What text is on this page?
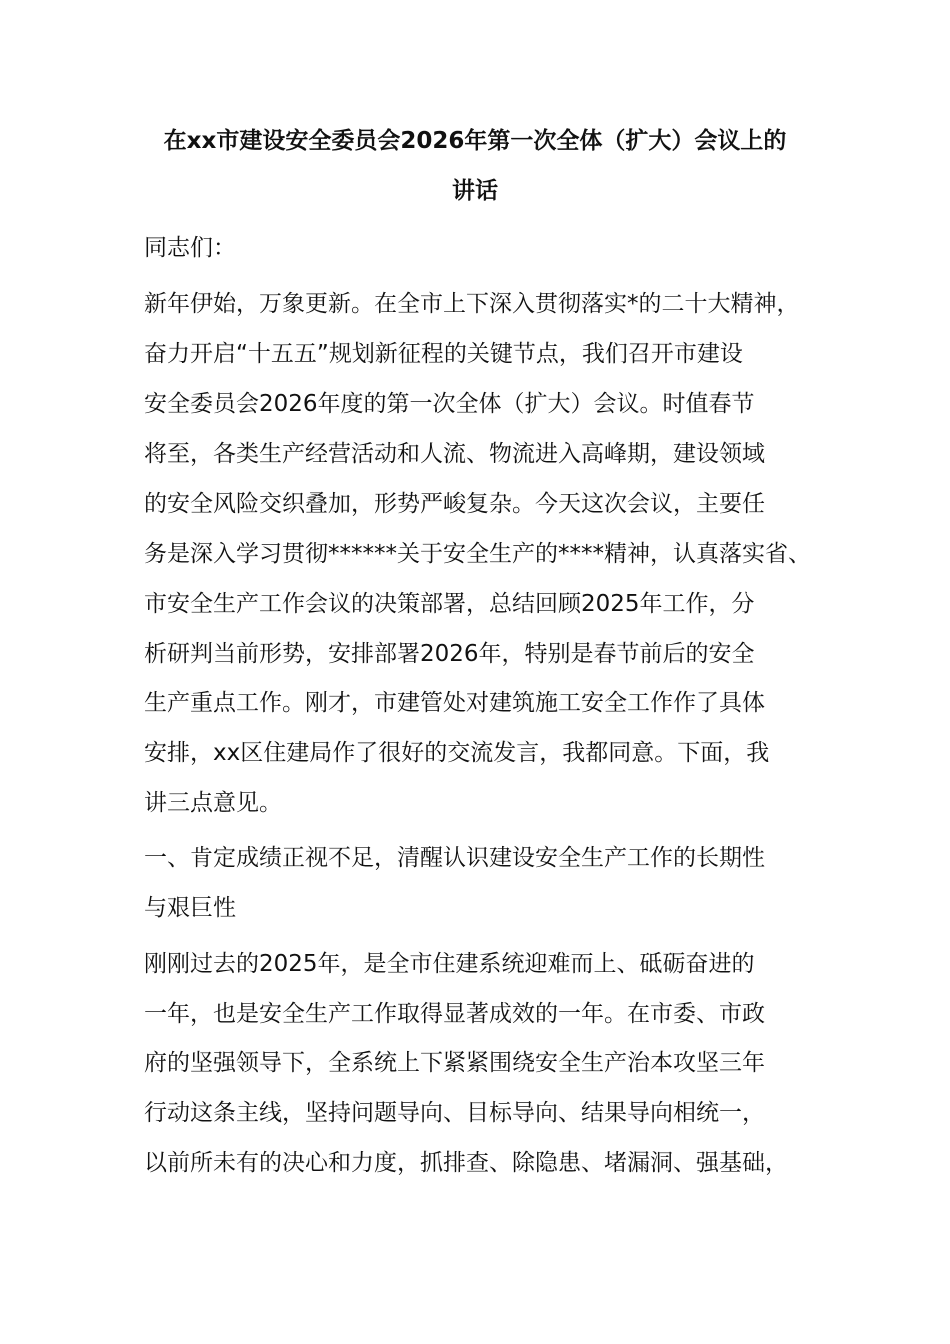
在xx市建设安全委员会2026年第一次全体（扩大）会议上的
讲话

同志们：

新年伊始，万象更新。在全市上下深入贯彻落实*的二十大精神，

奋力开启“十五五”规划新征程的关键节点，我们召开市建设

安全委员会2026年度的第一次全体（扩大）会议。时值春节

将至，各类生产经营活动和人流、物流进入高峰期，建设领域

的安全风险交织叠加，形势严峻复杂。今天这次会议，主要任

务是深入学习贯彻******关于安全生产的****精神，认真落实省、

市安全生产工作会议的决策部署，总结回顾2025年工作，分

析研判当前形势，安排部署2026年，特别是春节前后的安全

生产重点工作。刚才，市建管处对建筑施工安全工作作了具体

安排，xx区住建局作了很好的交流发言，我都同意。下面，我

讲三点意见。

一、肯定成绩正视不足，清醒认识建设安全生产工作的长期性

与艰巨性

刚刚过去的2025年，是全市住建系统迎难而上、砥砺奋进的

一年，也是安全生产工作取得显著成效的一年。在市委、市政

府的坚强领导下，全系统上下紧紧围绕安全生产治本攻坚三年

行动这条主线，坚持问题导向、目标导向、结果导向相统一，

以前所未有的决心和力度，抓排查、除隐患、堵漏洞、强基础，
